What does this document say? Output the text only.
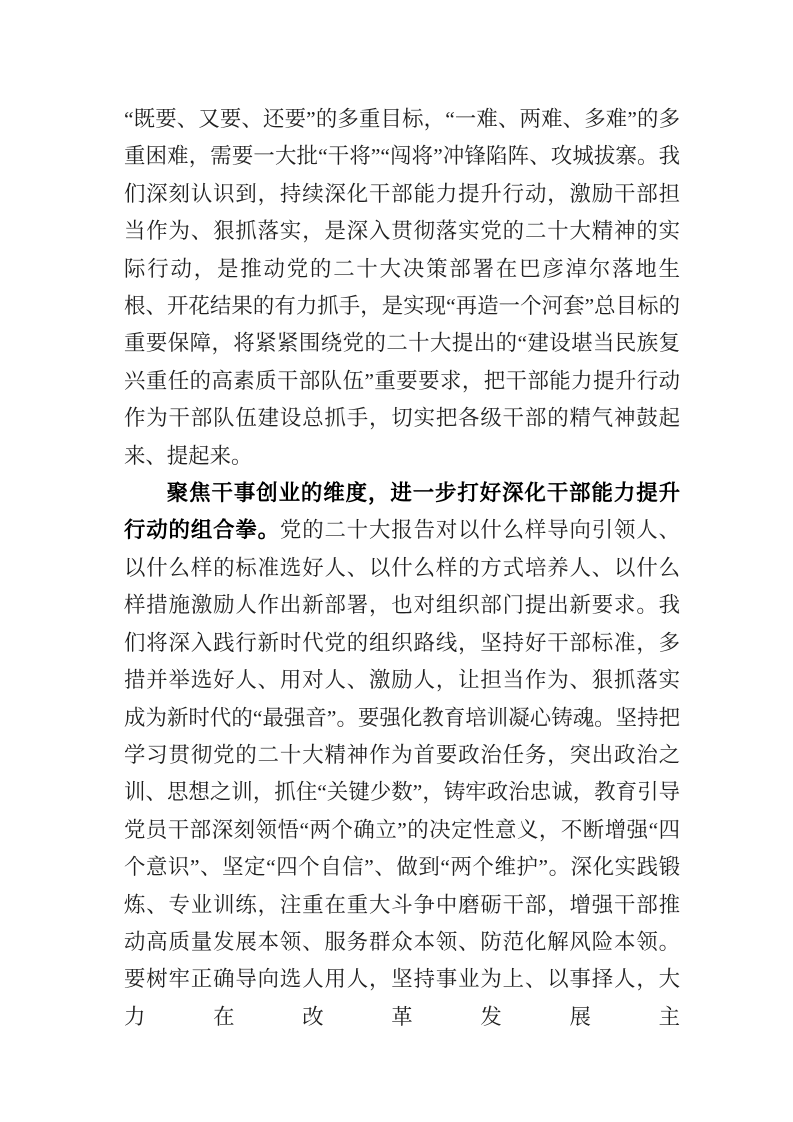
“既要、又要、还要”的多重目标，“一难、两难、多难”的多重困难，需要一大批“干将”“闯将”冲锋陷阵、攻城拔寨。我们深刻认识到，持续深化干部能力提升行动，激励干部担当作为、狠抓落实，是深入贯彻落实党的二十大精神的实际行动，是推动党的二十大决策部署在巴彦淖尔落地生根、开花结果的有力抓手，是实现“再造一个河套”总目标的重要保障，将紧紧围绕党的二十大提出的“建设堪当民族复兴重任的高素质干部队伍”重要要求，把干部能力提升行动作为干部队伍建设总抓手，切实把各级干部的精气神鼓起来、提起来。

聚焦干事创业的维度，进一步打好深化干部能力提升行动的组合拳。党的二十大报告对以什么样导向引领人、以什么样的标准选好人、以什么样的方式培养人、以什么样措施激励人作出新部署，也对组织部门提出新要求。我们将深入践行新时代党的组织路线，坚持好干部标准，多措并举选好人、用对人、激励人，让担当作为、狠抓落实成为新时代的“最强音”。要强化教育培训凝心铸魂。坚持把学习贯彻党的二十大精神作为首要政治任务，突出政治之训、思想之训，抓住“关键少数”，铸牢政治忠诚，教育引导党员干部深刻领悟“两个确立”的决定性意义，不断增强“四个意识”、坚定“四个自信”、做到“两个维护”。深化实践锻炼、专业训练，注重在重大斗争中磨砺干部，增强干部推动高质量发展本领、服务群众本领、防范化解风险本领。要树牢正确导向选人用人，坚持事业为上、以事择人，大力在改革发展主
